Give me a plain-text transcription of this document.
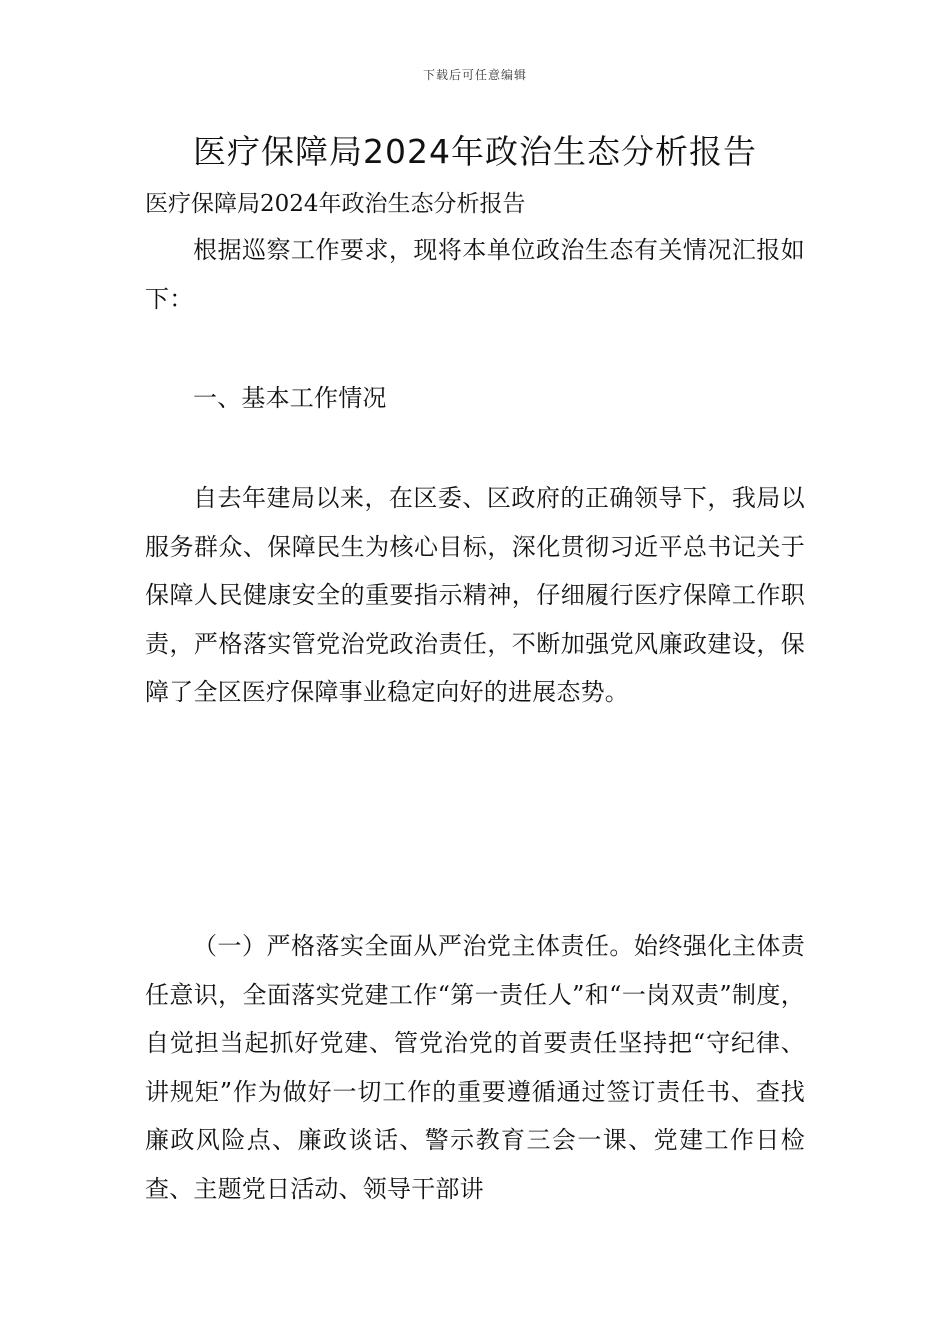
下载后可任意编辑
医疗保障局2024年政治生态分析报告

医疗保障局2024年政治生态分析报告

根据巡察工作要求，现将本单位政治生态有关情况汇报如下：

一、基本工作情况

自去年建局以来，在区委、区政府的正确领导下，我局以服务群众、保障民生为核心目标，深化贯彻习近平总书记关于保障人民健康安全的重要指示精神，仔细履行医疗保障工作职责，严格落实管党治党政治责任，不断加强党风廉政建设，保障了全区医疗保障事业稳定向好的进展态势。

（一）严格落实全面从严治党主体责任。始终强化主体责任意识，全面落实党建工作“第一责任人”和“一岗双责”制度，自觉担当起抓好党建、管党治党的首要责任坚持把“守纪律、讲规矩”作为做好一切工作的重要遵循通过签订责任书、查找廉政风险点、廉政谈话、警示教育三会一课、党建工作日检查、主题党日活动、领导干部讲
